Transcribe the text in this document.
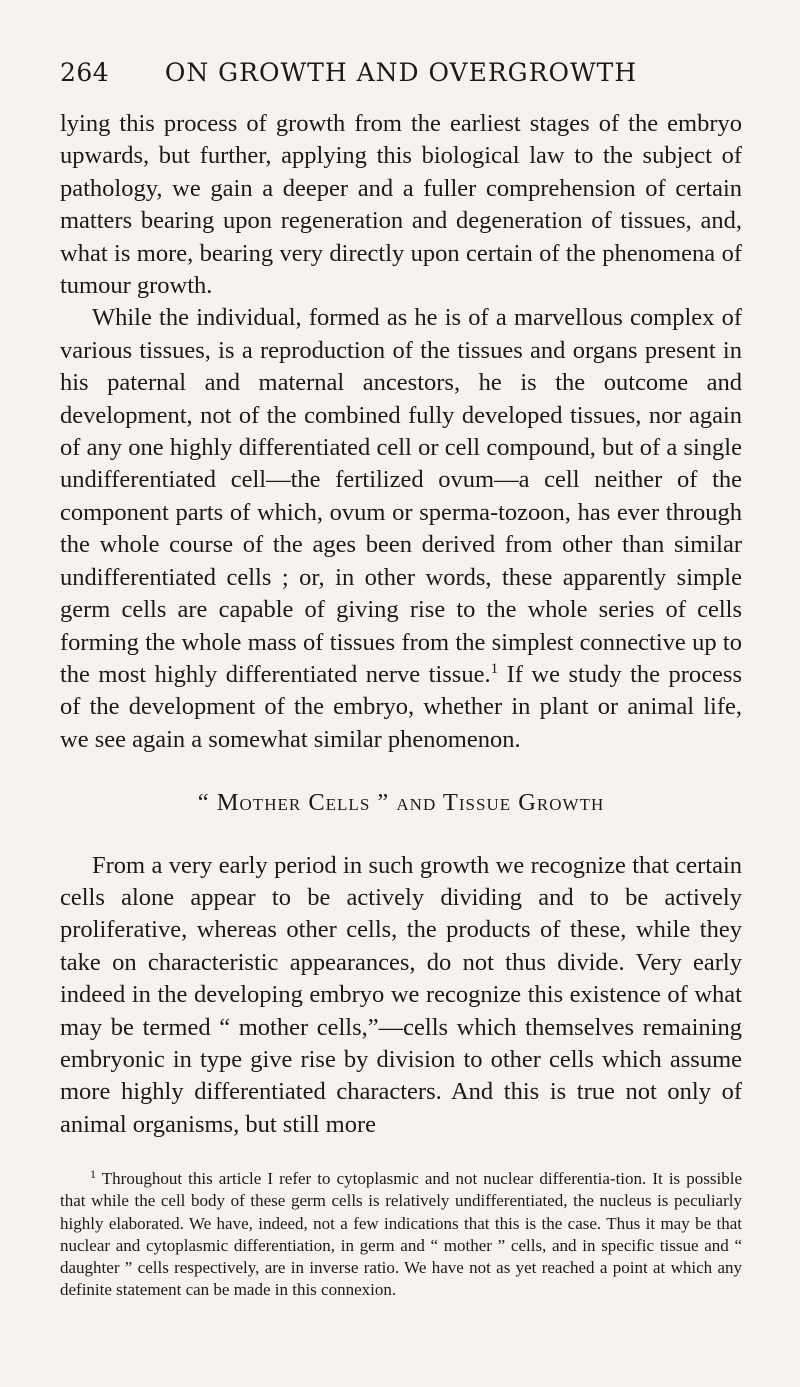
264	ON GROWTH AND OVERGROWTH

lying this process of growth from the earliest stages of the embryo upwards, but further, applying this biological law to the subject of pathology, we gain a deeper and a fuller comprehension of certain matters bearing upon regeneration and degeneration of tissues, and, what is more, bearing very directly upon certain of the phenomena of tumour growth.

While the individual, formed as he is of a marvellous complex of various tissues, is a reproduction of the tissues and organs present in his paternal and maternal ancestors, he is the outcome and development, not of the combined fully developed tissues, nor again of any one highly differentiated cell or cell compound, but of a single undifferentiated cell—the fertilized ovum—a cell neither of the component parts of which, ovum or sperma-tozoon, has ever through the whole course of the ages been derived from other than similar undifferentiated cells ; or, in other words, these apparently simple germ cells are capable of giving rise to the whole series of cells forming the whole mass of tissues from the simplest connective up to the most highly differentiated nerve tissue.$^1$ If we study the process of the development of the embryo, whether in plant or animal life, we see again a somewhat similar phenomenon.

“ Mother Cells ” and Tissue Growth

From a very early period in such growth we recognize that certain cells alone appear to be actively dividing and to be actively proliferative, whereas other cells, the products of these, while they take on characteristic appearances, do not thus divide. Very early indeed in the developing embryo we recognize this existence of what may be termed “ mother cells,”—cells which themselves remaining embryonic in type give rise by division to other cells which assume more highly differentiated characters. And this is true not only of animal organisms, but still more

$^1$ Throughout this article I refer to cytoplasmic and not nuclear differentia-tion. It is possible that while the cell body of these germ cells is relatively undifferentiated, the nucleus is peculiarly highly elaborated. We have, indeed, not a few indications that this is the case. Thus it may be that nuclear and cytoplasmic differentiation, in germ and “ mother ” cells, and in specific tissue and “ daughter ” cells respectively, are in inverse ratio. We have not as yet reached a point at which any definite statement can be made in this connexion.
